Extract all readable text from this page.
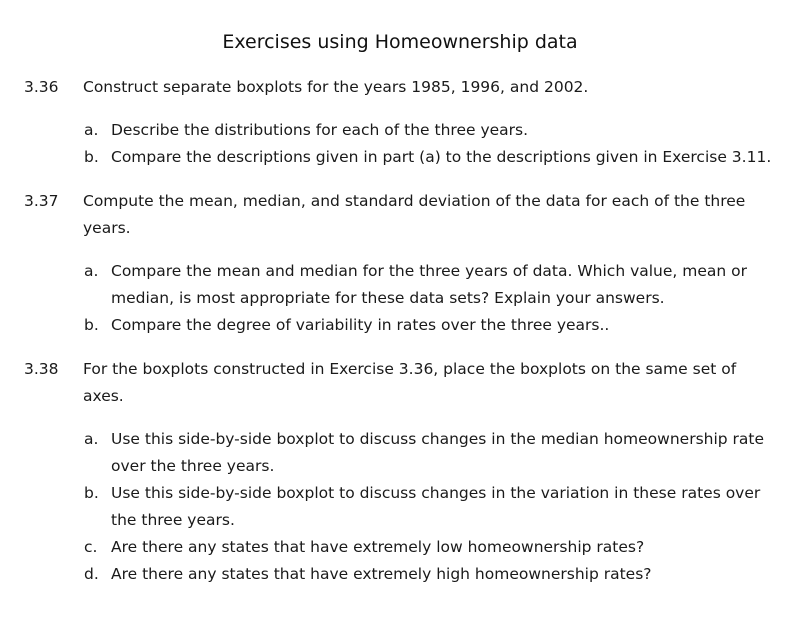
Exercises using Homeownership data
3.36 Construct separate boxplots for the years 1985, 1996, and 2002.
a. Describe the distributions for each of the three years.
b. Compare the descriptions given in part (a) to the descriptions given in Exercise 3.11.
3.37 Compute the mean, median, and standard deviation of the data for each of the three years.
a. Compare the mean and median for the three years of data. Which value, mean or median, is most appropriate for these data sets? Explain your answers.
b. Compare the degree of variability in rates over the three years..
3.38 For the boxplots constructed in Exercise 3.36, place the boxplots on the same set of axes.
a. Use this side-by-side boxplot to discuss changes in the median homeownership rate over the three years.
b. Use this side-by-side boxplot to discuss changes in the variation in these rates over the three years.
c. Are there any states that have extremely low homeownership rates?
d. Are there any states that have extremely high homeownership rates?
